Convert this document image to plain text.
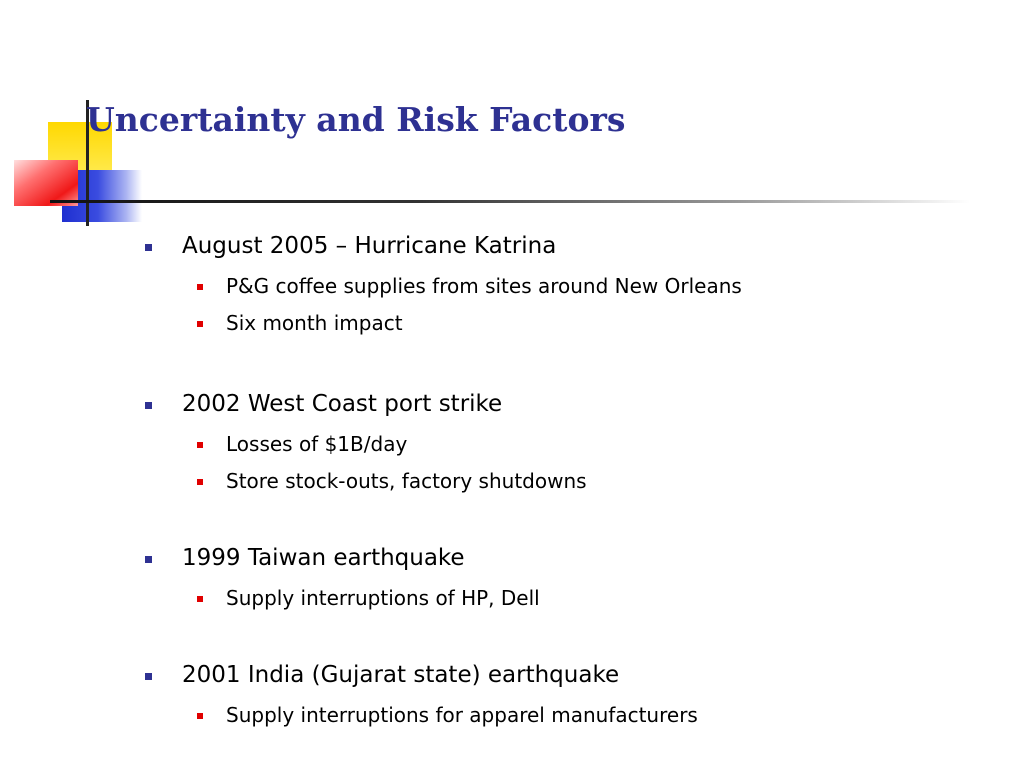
Uncertainty and Risk Factors
August 2005 – Hurricane Katrina
P&G coffee supplies from sites around New Orleans
Six month impact
2002 West Coast port strike
Losses of $1B/day
Store stock-outs, factory shutdowns
1999 Taiwan earthquake
Supply interruptions of HP, Dell
2001 India (Gujarat state) earthquake
Supply interruptions for apparel manufacturers
